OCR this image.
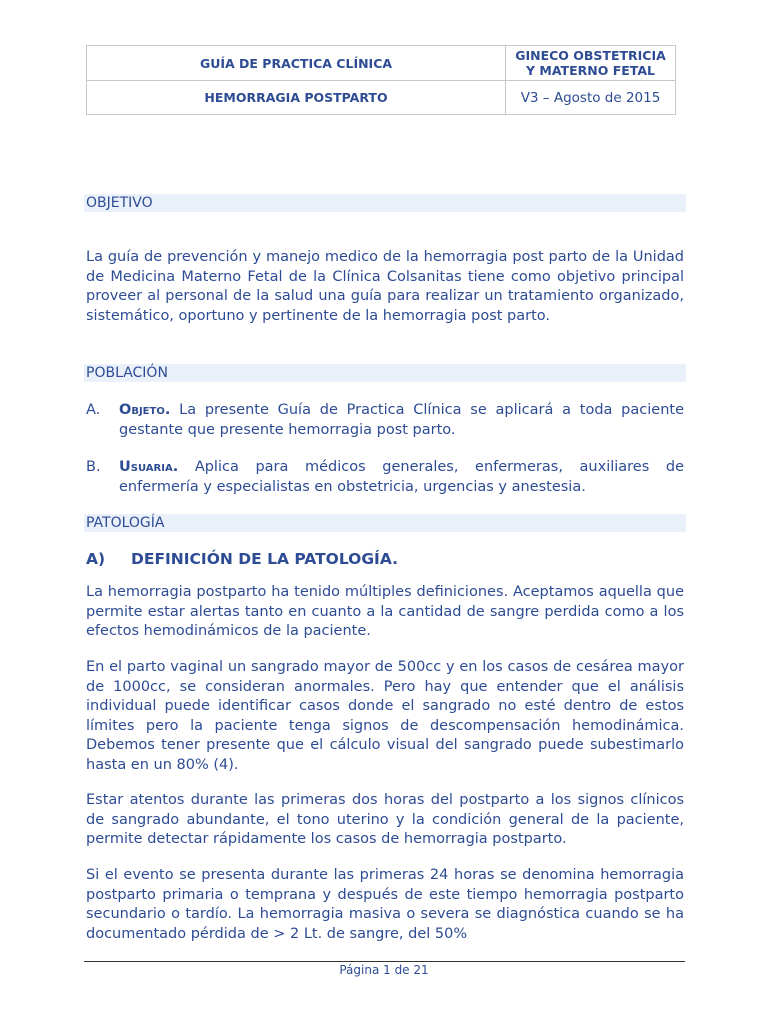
GUÍA DE PRACTICA CLÍNICA	GINECO OBSTETRICIA
Y MATERNO FETAL
HEMORRAGIA POSTPARTO	V3 – Agosto de 2015
OBJETIVO

La guía de prevención y manejo medico de la hemorragia post parto de la Unidad de Medicina Materno Fetal de la Clínica Colsanitas tiene como objetivo principal proveer al personal de la salud una guía para realizar un tratamiento organizado, sistemático, oportuno y pertinente de la hemorragia post parto.

POBLACIÓN
A. Objeto. La presente Guía de Practica Clínica se aplicará a toda paciente gestante que presente hemorragia post parto.
B. Usuaria. Aplica para médicos generales, enfermeras, auxiliares de enfermería y especialistas en obstetricia, urgencias y anestesia.
PATOLOGÍA
A) DEFINICIÓN DE LA PATOLOGÍA.

La hemorragia postparto ha tenido múltiples definiciones. Aceptamos aquella que permite estar alertas tanto en cuanto a la cantidad de sangre perdida como a los efectos hemodinámicos de la paciente.

En el parto vaginal un sangrado mayor de 500cc y en los casos de cesárea mayor de 1000cc, se consideran anormales. Pero hay que entender que el análisis individual puede identificar casos donde el sangrado no esté dentro de estos límites pero la paciente tenga signos de descompensación hemodinámica. Debemos tener presente que el cálculo visual del sangrado puede subestimarlo hasta en un 80% (4).

Estar atentos durante las primeras dos horas del postparto a los signos clínicos de sangrado abundante, el tono uterino y la condición general de la paciente, permite detectar rápidamente los casos de hemorragia postparto.

Si el evento se presenta durante las primeras 24 horas se denomina hemorragia postparto primaria o temprana y después de este tiempo hemorragia postparto secundario o tardío. La hemorragia masiva o severa se diagnóstica cuando se ha documentado pérdida de > 2 Lt. de sangre, del 50%

Página 1 de 21
